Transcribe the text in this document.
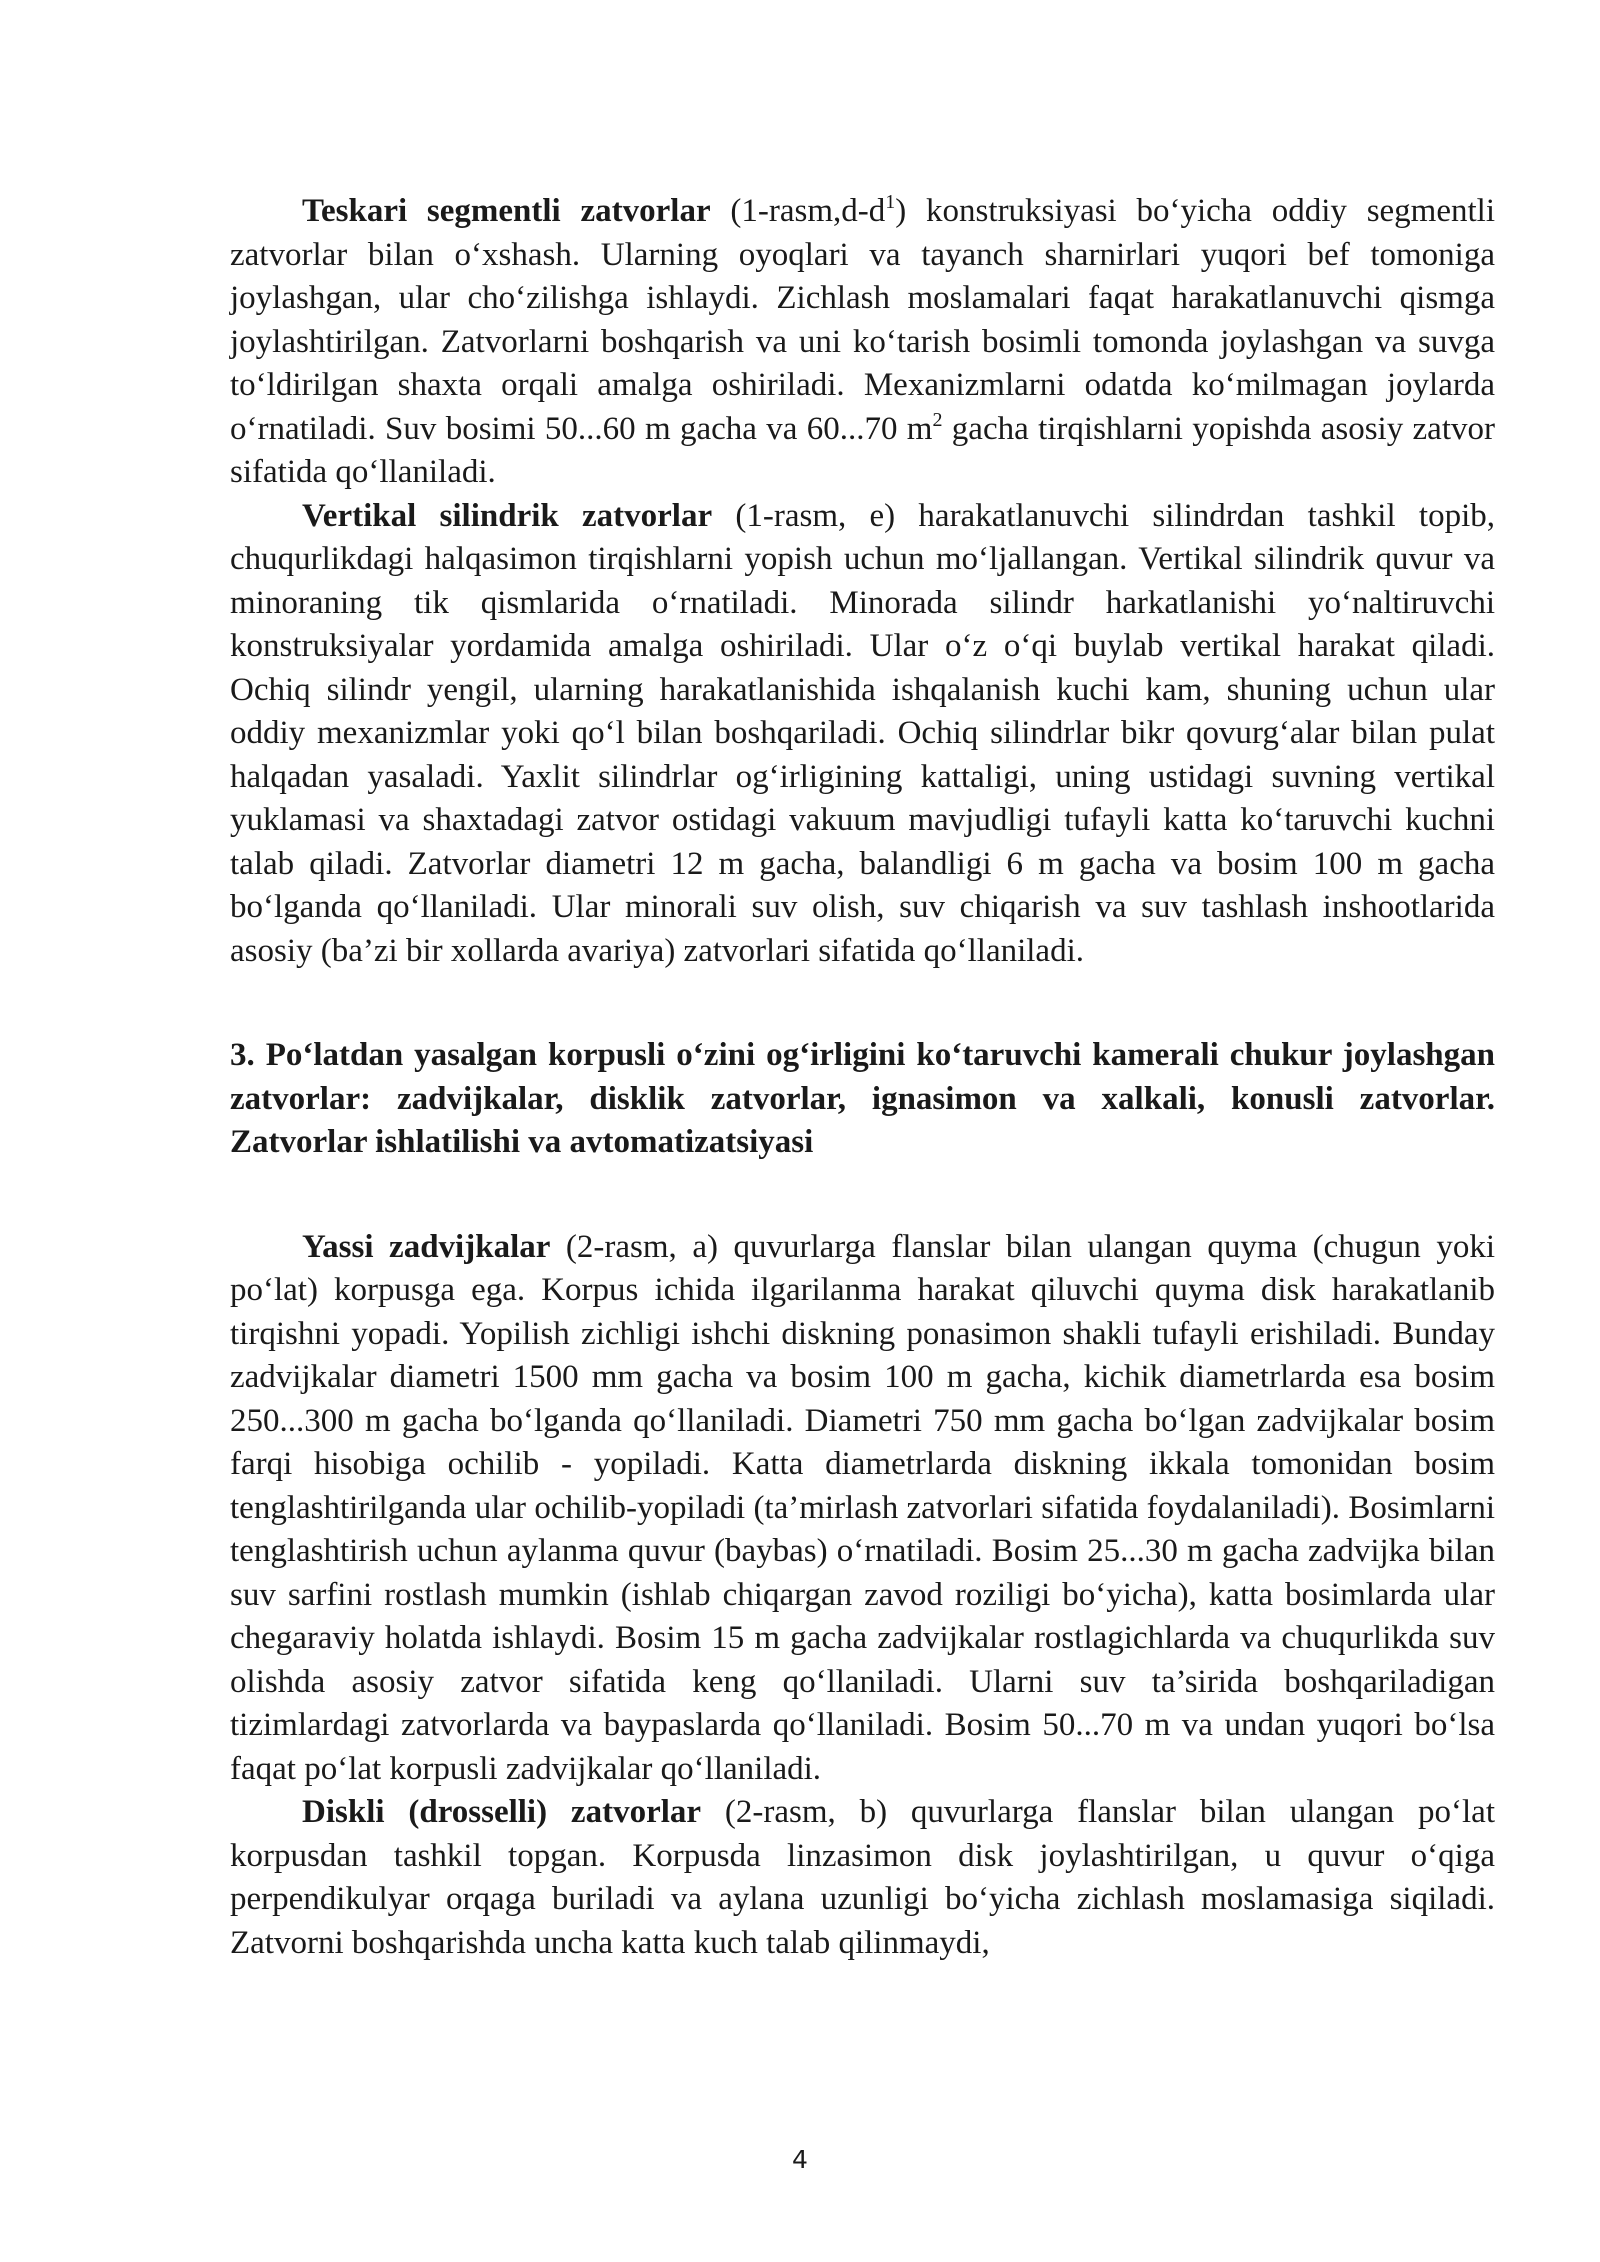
Teskari segmentli zatvorlar $(1-rasm,d-d^1)$ konstruksiyasi bo‘yicha oddiy segmentli zatvorlar bilan o‘xshash. Ularning oyoqlari va tayanch sharnirlari yuqori bef tomoniga joylashgan, ular cho‘zilishga ishlaydi. Zichlash moslamalari faqat harakatlanuvchi qismga joylashtirilgan. Zatvorlarni boshqarish va uni ko‘tarish bosimli tomonda joylashgan va suvga to‘ldirilgan shaxta orqali amalga oshiriladi. Mexanizmlarni odatda ko‘milmagan joylarda o‘rnatiladi. Suv bosimi 50...60 m gacha va 60...70 $m^2$ gacha tirqishlarni yopishda asosiy zatvor sifatida qo‘llaniladi.

Vertikal silindrik zatvorlar (1-rasm, e) harakatlanuvchi silindrdan tashkil topib, chuqurlikdagi halqasimon tirqishlarni yopish uchun mo‘ljallangan. Vertikal silindrik quvur va minoraning tik qismlarida o‘rnatiladi. Minorada silindr harkatlanishi yo‘naltiruvchi konstruksiyalar yordamida amalga oshiriladi. Ular o‘z o‘qi buylab vertikal harakat qiladi. Ochiq silindr yengil, ularning harakatlanishida ishqalanish kuchi kam, shuning uchun ular oddiy mexanizmlar yoki qo‘l bilan boshqariladi. Ochiq silindrlar bikr qovurg‘alar bilan pulat halqadan yasaladi. Yaxlit silindrlar og‘irligining kattaligi, uning ustidagi suvning vertikal yuklamasi va shaxtadagi zatvor ostidagi vakuum mavjudligi tufayli katta ko‘taruvchi kuchni talab qiladi. Zatvorlar diametri 12 m gacha, balandligi 6 m gacha va bosim 100 m gacha bo‘lganda qo‘llaniladi. Ular minorali suv olish, suv chiqarish va suv tashlash inshootlarida asosiy (ba’zi bir xollarda avariya) zatvorlari sifatida qo‘llaniladi.

3. Po‘latdan yasalgan korpusli o‘zini og‘irligini ko‘taruvchi kamerali chukur joylashgan zatvorlar: zadvijkalar, disklik zatvorlar, ignasimon va xalkali, konusli zatvorlar. Zatvorlar ishlatilishi va avtomatizatsiyasi

Yassi zadvijkalar (2-rasm, a) quvurlarga flanslar bilan ulangan quyma (chugun yoki po‘lat) korpusga ega. Korpus ichida ilgarilanma harakat qiluvchi quyma disk harakatlanib tirqishni yopadi. Yopilish zichligi ishchi diskning ponasimon shakli tufayli erishiladi. Bunday zadvijkalar diametri 1500 mm gacha va bosim 100 m gacha, kichik diametrlarda esa bosim 250...300 m gacha bo‘lganda qo‘llaniladi. Diametri 750 mm gacha bo‘lgan zadvijkalar bosim farqi hisobiga ochilib - yopiladi. Katta diametrlarda diskning ikkala tomonidan bosim tenglashtirilganda ular ochilib-yopiladi (ta’mirlash zatvorlari sifatida foydalaniladi). Bosimlarni tenglashtirish uchun aylanma quvur (baybas) o‘rnatiladi. Bosim 25...30 m gacha zadvijka bilan suv sarfini rostlash mumkin (ishlab chiqargan zavod roziligi bo‘yicha), katta bosimlarda ular chegaraviy holatda ishlaydi. Bosim 15 m gacha zadvijkalar rostlagichlarda va chuqurlikda suv olishda asosiy zatvor sifatida keng qo‘llaniladi. Ularni suv ta’sirida boshqariladigan tizimlardagi zatvorlarda va baypaslarda qo‘llaniladi. Bosim 50...70 m va undan yuqori bo‘lsa faqat po‘lat korpusli zadvijkalar qo‘llaniladi.

Diskli (drosselli) zatvorlar (2-rasm, b) quvurlarga flanslar bilan ulangan po‘lat korpusdan tashkil topgan. Korpusda linzasimon disk joylashtirilgan, u quvur o‘qiga perpendikulyar orqaga buriladi va aylana uzunligi bo‘yicha zichlash moslamasiga siqiladi. Zatvorni boshqarishda uncha katta kuch talab qilinmaydi,

4
